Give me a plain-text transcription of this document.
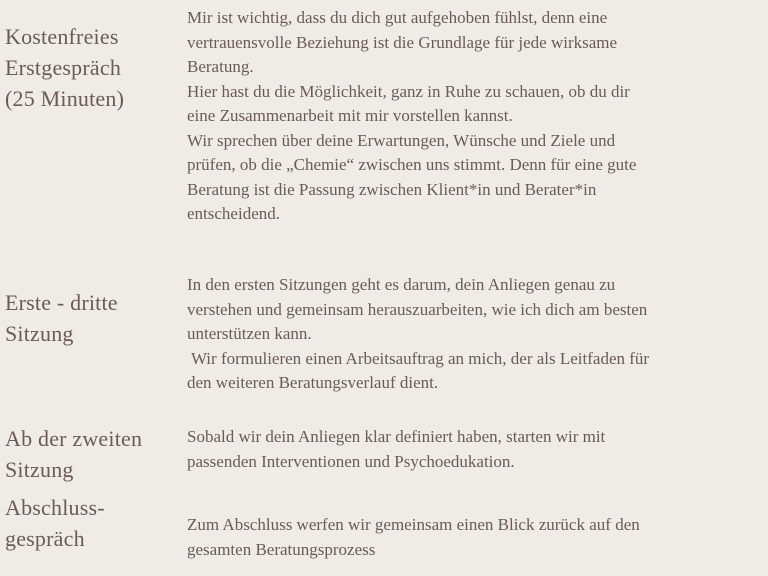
Kostenfreies
Erstgespräch
(25 Minuten)
Mir ist wichtig, dass du dich gut aufgehoben fühlst, denn eine
vertrauensvolle Beziehung ist die Grundlage für jede wirksame
Beratung.
Hier hast du die Möglichkeit, ganz in Ruhe zu schauen, ob du dir
eine Zusammenarbeit mit mir vorstellen kannst.
Wir sprechen über deine Erwartungen, Wünsche und Ziele und
prüfen, ob die „Chemie“ zwischen uns stimmt. Denn für eine gute
Beratung ist die Passung zwischen Klient*in und Berater*in
entscheidend.
Erste - dritte
Sitzung
In den ersten Sitzungen geht es darum, dein Anliegen genau zu
verstehen und gemeinsam herauszuarbeiten, wie ich dich am besten
unterstützen kann.
Wir formulieren einen Arbeitsauftrag an mich, der als Leitfaden für
den weiteren Beratungsverlauf dient.
Ab der zweiten
Sitzung
Sobald wir dein Anliegen klar definiert haben, starten wir mit
passenden Interventionen und Psychoedukation.
Abschluss-
gespräch
Zum Abschluss werfen wir gemeinsam einen Blick zurück auf den
gesamten Beratungsprozess
